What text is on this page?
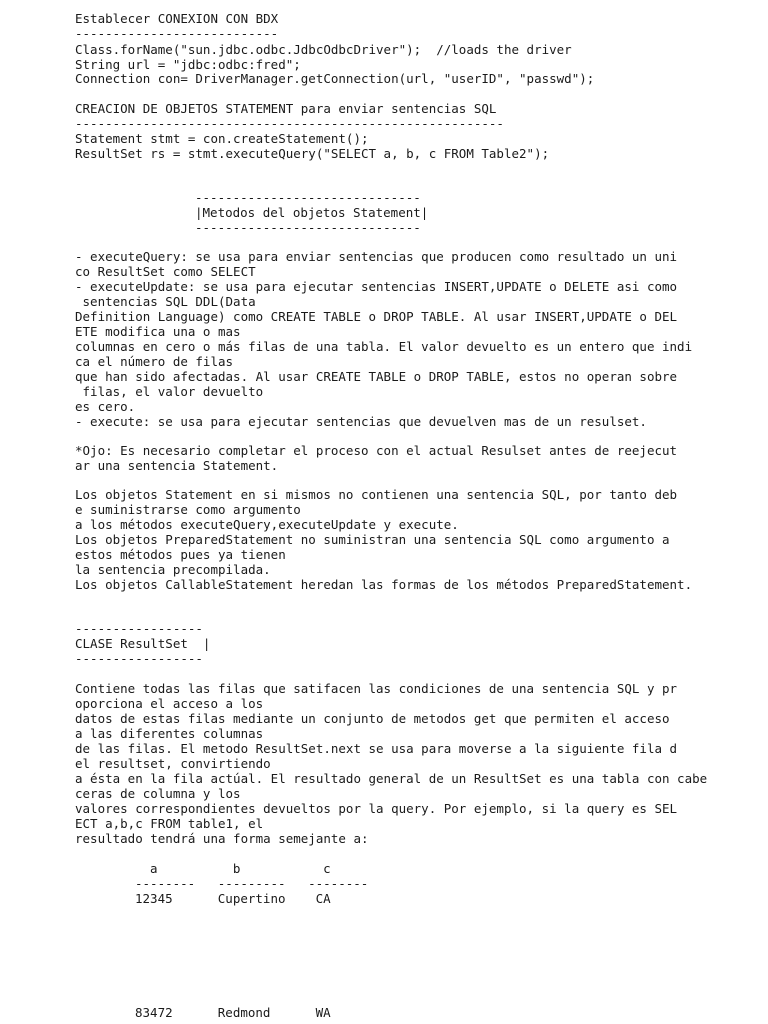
Establecer CONEXION CON BDX
---------------------------
Class.forName("sun.jdbc.odbc.JdbcOdbcDriver");  //loads the driver
String url = "jdbc:odbc:fred";
Connection con= DriverManager.getConnection(url, "userID", "passwd");
CREACION DE OBJETOS STATEMENT para enviar sentencias SQL
---------------------------------------------------------
Statement stmt = con.createStatement();
ResultSet rs = stmt.executeQuery("SELECT a, b, c FROM Table2");
------------------------------
|Metodos del objetos Statement|
------------------------------
- executeQuery: se usa para enviar sentencias que producen como resultado un uni
co ResultSet como SELECT
- executeUpdate: se usa para ejecutar sentencias INSERT,UPDATE o DELETE asi como
sentencias SQL DDL(Data
Definition Language) como CREATE TABLE o DROP TABLE. Al usar INSERT,UPDATE o DEL
ETE modifica una o mas
columnas en cero o más filas de una tabla. El valor devuelto es un entero que indi
ca el número de filas
que han sido afectadas. Al usar CREATE TABLE o DROP TABLE, estos no operan sobre
filas, el valor devuelto
es cero.
- execute: se usa para ejecutar sentencias que devuelven mas de un resulset.
*Ojo: Es necesario completar el proceso con el actual Resulset antes de reejecut
ar una sentencia Statement.
Los objetos Statement en si mismos no contienen una sentencia SQL, por tanto deb
e suministrarse como argumento
a los métodos executeQuery,executeUpdate y execute.
Los objetos PreparedStatement no suministran una sentencia SQL como argumento a
estos métodos pues ya tienen
la sentencia precompilada.
Los objetos CallableStatement heredan las formas de los métodos PreparedStatement.
-----------------
CLASE ResultSet  |
-----------------
Contiene todas las filas que satifacen las condiciones de una sentencia SQL y pr
oporciona el acceso a los
datos de estas filas mediante un conjunto de metodos get que permiten el acceso
a las diferentes columnas
de las filas. El metodo ResultSet.next se usa para moverse a la siguiente fila d
el resultset, convirtiendo
a ésta en la fila actúal. El resultado general de un ResultSet es una tabla con cabe
ceras de columna y los
valores correspondientes devueltos por la query. Por ejemplo, si la query es SEL
ECT a,b,c FROM table1, el
resultado tendrá una forma semejante a:
a          b           c
--------   ---------   --------
12345      Cupertino    CA
83472      Redmond      WA
